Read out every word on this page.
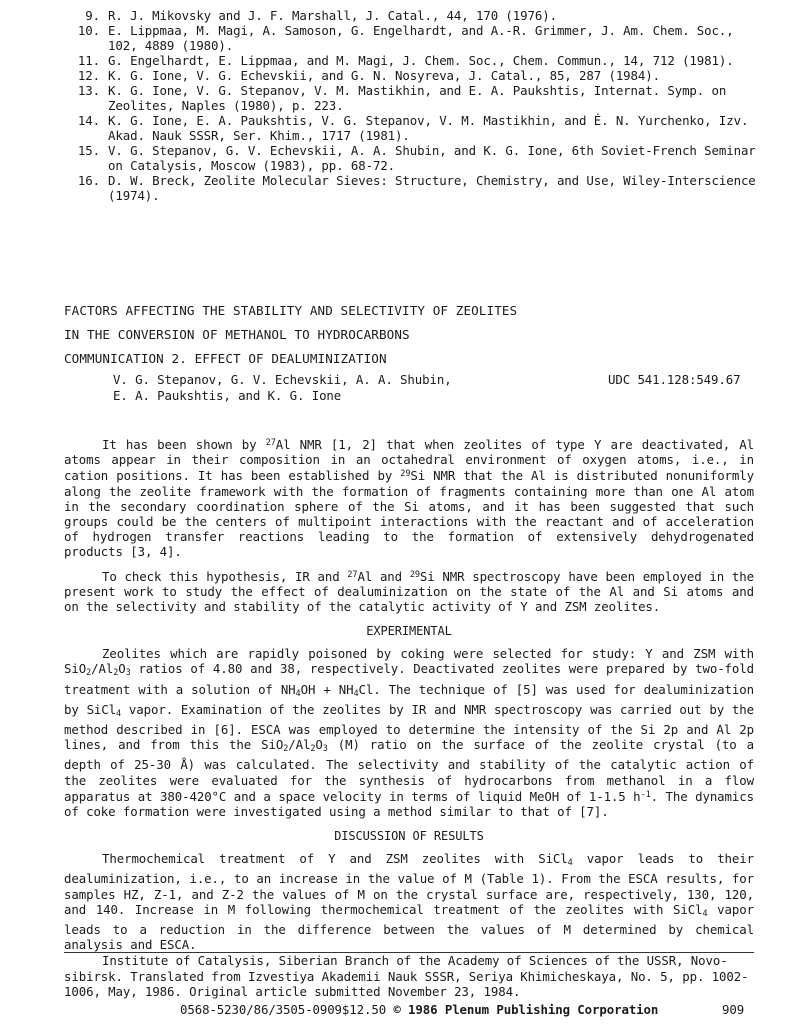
9. R. J. Mikovsky and J. F. Marshall, J. Catal., 44, 170 (1976).
10. E. Lippmaa, M. Magi, A. Samoson, G. Engelhardt, and A.-R. Grimmer, J. Am. Chem. Soc.,
102, 4889 (1980).
11. G. Engelhardt, E. Lippmaa, and M. Magi, J. Chem. Soc., Chem. Commun., 14, 712 (1981).
12. K. G. Ione, V. G. Echevskii, and G. N. Nosyreva, J. Catal., 85, 287 (1984).
13. K. G. Ione, V. G. Stepanov, V. M. Mastikhin, and E. A. Paukshtis, Internat. Symp. on
Zeolites, Naples (1980), p. 223.
14. K. G. Ione, E. A. Paukshtis, V. G. Stepanov, V. M. Mastikhin, and É. N. Yurchenko, Izv.
Akad. Nauk SSSR, Ser. Khim., 1717 (1981).
15. V. G. Stepanov, G. V. Echevskii, A. A. Shubin, and K. G. Ione, 6th Soviet-French Seminar
on Catalysis, Moscow (1983), pp. 68-72.
16. D. W. Breck, Zeolite Molecular Sieves: Structure, Chemistry, and Use, Wiley-Interscience
(1974).
FACTORS AFFECTING THE STABILITY AND SELECTIVITY OF ZEOLITES
IN THE CONVERSION OF METHANOL TO HYDROCARBONS
COMMUNICATION 2. EFFECT OF DEALUMINIZATION
V. G. Stepanov, G. V. Echevskii, A. A. Shubin,
E. A. Paukshtis, and K. G. Ione
UDC 541.128:549.67

It has been shown by $^{27}$Al NMR [1, 2] that when zeolites of type Y are deactivated, Al atoms appear in their composition in an octahedral environment of oxygen atoms, i.e., in cation positions. It has been established by $^{29}$Si NMR that the Al is distributed nonuniformly along the zeolite framework with the formation of fragments containing more than one Al atom in the secondary coordination sphere of the Si atoms, and it has been suggested that such groups could be the centers of multipoint interactions with the reactant and of acceleration of hydrogen transfer reactions leading to the formation of extensively dehydrogenated products [3, 4].

To check this hypothesis, IR and $^{27}$Al and $^{29}$Si NMR spectroscopy have been employed in the present work to study the effect of dealuminization on the state of the Al and Si atoms and on the selectivity and stability of the catalytic activity of Y and ZSM zeolites.

EXPERIMENTAL

Zeolites which are rapidly poisoned by coking were selected for study: Y and ZSM with $SiO_2/Al_2O_3$ ratios of 4.80 and 38, respectively. Deactivated zeolites were prepared by two-fold treatment with a solution of $NH_4OH + NH_4Cl$. The technique of [5] was used for dealuminization by SiCl$_4$ vapor. Examination of the zeolites by IR and NMR spectroscopy was carried out by the method described in [6]. ESCA was employed to determine the intensity of the Si 2p and Al 2p lines, and from this the $SiO_2/Al_2O_3$ (M) ratio on the surface of the zeolite crystal (to a depth of 25-30 Å) was calculated. The selectivity and stability of the catalytic action of the zeolites were evaluated for the synthesis of hydrocarbons from methanol in a flow apparatus at 380-420°C and a space velocity in terms of liquid MeOH of 1-1.5 $h^{-1}$. The dynamics of coke formation were investigated using a method similar to that of [7].

DISCUSSION OF RESULTS

Thermochemical treatment of Y and ZSM zeolites with SiCl$_4$ vapor leads to their dealuminization, i.e., to an increase in the value of M (Table 1). From the ESCA results, for samples HZ, Z-1, and Z-2 the values of M on the crystal surface are, respectively, 130, 120, and 140. Increase in M following thermochemical treatment of the zeolites with SiCl$_4$ vapor leads to a reduction in the difference between the values of M determined by chemical analysis and ESCA.

Institute of Catalysis, Siberian Branch of the Academy of Sciences of the USSR, Novo-
sibirsk. Translated from Izvestiya Akademii Nauk SSSR, Seriya Khimicheskaya, No. 5, pp. 1002-
1006, May, 1986. Original article submitted November 23, 1984.

0568-5230/86/3505-0909$12.50 © 1986 Plenum Publishing Corporation	909
